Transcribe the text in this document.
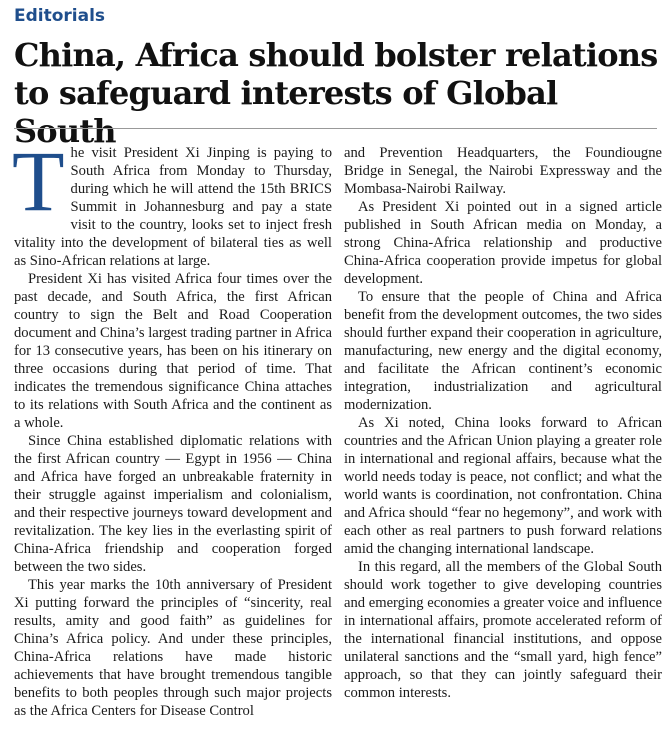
Editorials
China, Africa should bolster relations
to safeguard interests of Global South

The visit President Xi Jinping is paying to South Africa from Monday to Thursday, during which he will attend the 15th BRICS Summit in Johannesburg and pay a state visit to the country, looks set to inject fresh vitality into the development of bilateral ties as well as Sino-African relations at large.

President Xi has visited Africa four times over the past decade, and South Africa, the first African country to sign the Belt and Road Cooperation document and China’s largest trading partner in Africa for 13 consecutive years, has been on his itinerary on three occasions during that period of time. That indicates the tremendous significance China attaches to its relations with South Africa and the continent as a whole.

Since China established diplomatic relations with the first African country — Egypt in 1956 — China and Africa have forged an unbreakable fraternity in their struggle against imperialism and colonialism, and their respective journeys toward development and revitalization. The key lies in the everlasting spirit of China-Africa friendship and cooperation forged between the two sides.

This year marks the 10th anniversary of President Xi putting forward the principles of “sincerity, real results, amity and good faith” as guidelines for China’s Africa policy. And under these principles, China-Africa relations have made historic achievements that have brought tremendous tangible benefits to both peoples through such major projects as the Africa Centers for Disease Control

and Prevention Headquarters, the Foundiougne Bridge in Senegal, the Nairobi Expressway and the Mombasa-Nairobi Railway.

As President Xi pointed out in a signed article published in South African media on Monday, a strong China-Africa relationship and productive China-Africa cooperation provide impetus for global development.

To ensure that the people of China and Africa benefit from the development outcomes, the two sides should further expand their cooperation in agriculture, manufacturing, new energy and the digital economy, and facilitate the African continent’s economic integration, industrialization and agricultural modernization.

As Xi noted, China looks forward to African countries and the African Union playing a greater role in international and regional affairs, because what the world needs today is peace, not conflict; and what the world wants is coordination, not confrontation. China and Africa should “fear no hegemony”, and work with each other as real partners to push forward relations amid the changing international landscape.

In this regard, all the members of the Global South should work together to give developing countries and emerging economies a greater voice and influence in international affairs, promote accelerated reform of the international financial institutions, and oppose unilateral sanctions and the “small yard, high fence” approach, so that they can jointly safeguard their common interests.
